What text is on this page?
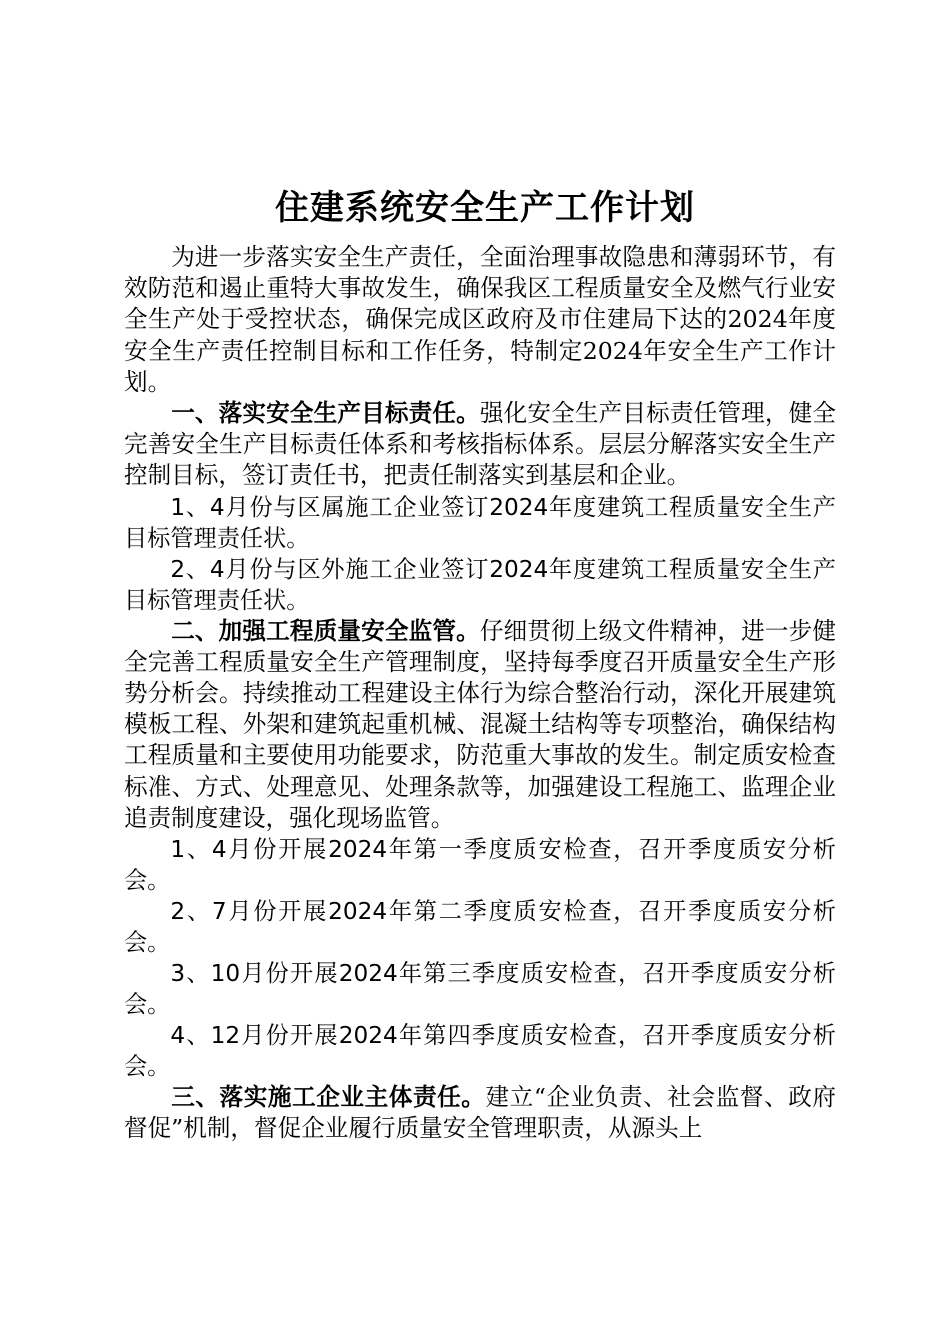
住建系统安全生产工作计划

为进一步落实安全生产责任，全面治理事故隐患和薄弱环节，有效防范和遏止重特大事故发生，确保我区工程质量安全及燃气行业安全生产处于受控状态，确保完成区政府及市住建局下达的2024年度安全生产责任控制目标和工作任务，特制定2024年安全生产工作计划。

一、落实安全生产目标责任。强化安全生产目标责任管理，健全完善安全生产目标责任体系和考核指标体系。层层分解落实安全生产控制目标，签订责任书，把责任制落实到基层和企业。

1、4月份与区属施工企业签订2024年度建筑工程质量安全生产目标管理责任状。

2、4月份与区外施工企业签订2024年度建筑工程质量安全生产目标管理责任状。

二、加强工程质量安全监管。仔细贯彻上级文件精神，进一步健全完善工程质量安全生产管理制度，坚持每季度召开质量安全生产形势分析会。持续推动工程建设主体行为综合整治行动，深化开展建筑模板工程、外架和建筑起重机械、混凝土结构等专项整治，确保结构工程质量和主要使用功能要求，防范重大事故的发生。制定质安检查标准、方式、处理意见、处理条款等，加强建设工程施工、监理企业追责制度建设，强化现场监管。

1、4月份开展2024年第一季度质安检查，召开季度质安分析会。

2、7月份开展2024年第二季度质安检查，召开季度质安分析会。

3、10月份开展2024年第三季度质安检查，召开季度质安分析会。

4、12月份开展2024年第四季度质安检查，召开季度质安分析会。

三、落实施工企业主体责任。建立“企业负责、社会监督、政府督促”机制，督促企业履行质量安全管理职责，从源头上
